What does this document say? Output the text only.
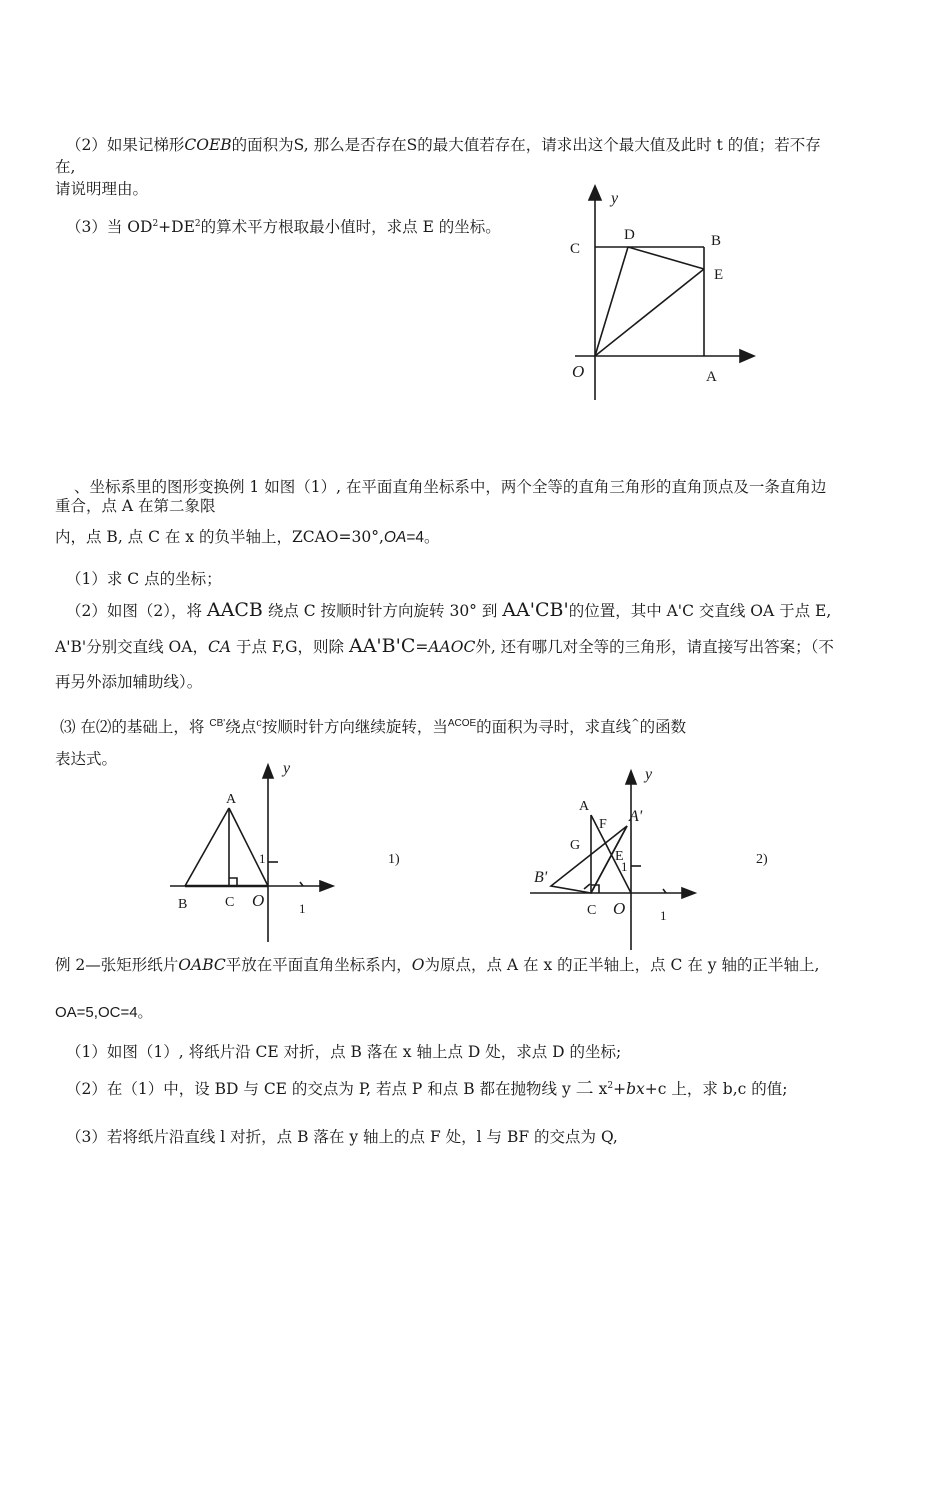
（2）如果记梯形COEB的面积为S, 那么是否存在S的最大值若存在，请求出这个最大值及此时 t 的值；若不存
在,
请说明理由。
（3）当 $OD^2+DE^2$的算术平方根取最小值时，求点 E 的坐标。
y
C
D	B
E
O	A
、坐标系里的图形变换例 1 如图（1）, 在平面直角坐标系中，两个全等的直角三角形的直角顶点及一条直角边
重合，点 A 在第二象限
内，点 B, 点 C 在 x 的负半轴上，ZCAO=30°,OA=4。
（1）求 C 点的坐标；
（2）如图（2），将 AACB 绕点 C 按顺时针方向旋转 30° 到 AA'CB'的位置，其中 A'C 交直线 OA 于点 E,
A'B'分别交直线 OA，CA 于点 F,G，则除 AA'B'C=AAOC外, 还有哪几对全等的三角形，请直接写出答案；（不
再另外添加辅助线）。
⑶ 在⑵的基础上，将 $^{CB'}$绕点$^c$按顺时针方向继续旋转，当$^{ACOE}$的面积为寻时，求直线^的函数
表达式。
y
A
1
B	C O	1
1)
y
A
F A'
G
E
1
B'
C O	1
2)
例 2—张矩形纸片OABC平放在平面直角坐标系内，O为原点，点 A 在 x 的正半轴上，点 C 在 y 轴的正半轴上,
OA=5,OC=4。
（1）如图（1）, 将纸片沿 CE 对折，点 B 落在 x 轴上点 D 处，求点 D 的坐标;
（2）在（1）中，设 BD 与 CE 的交点为 P, 若点 P 和点 B 都在抛物线 y 二 $x^2+bx+c$ 上，求 b,c 的值;
（3）若将纸片沿直线 l 对折，点 B 落在 y 轴上的点 F 处，l 与 BF 的交点为 Q,
